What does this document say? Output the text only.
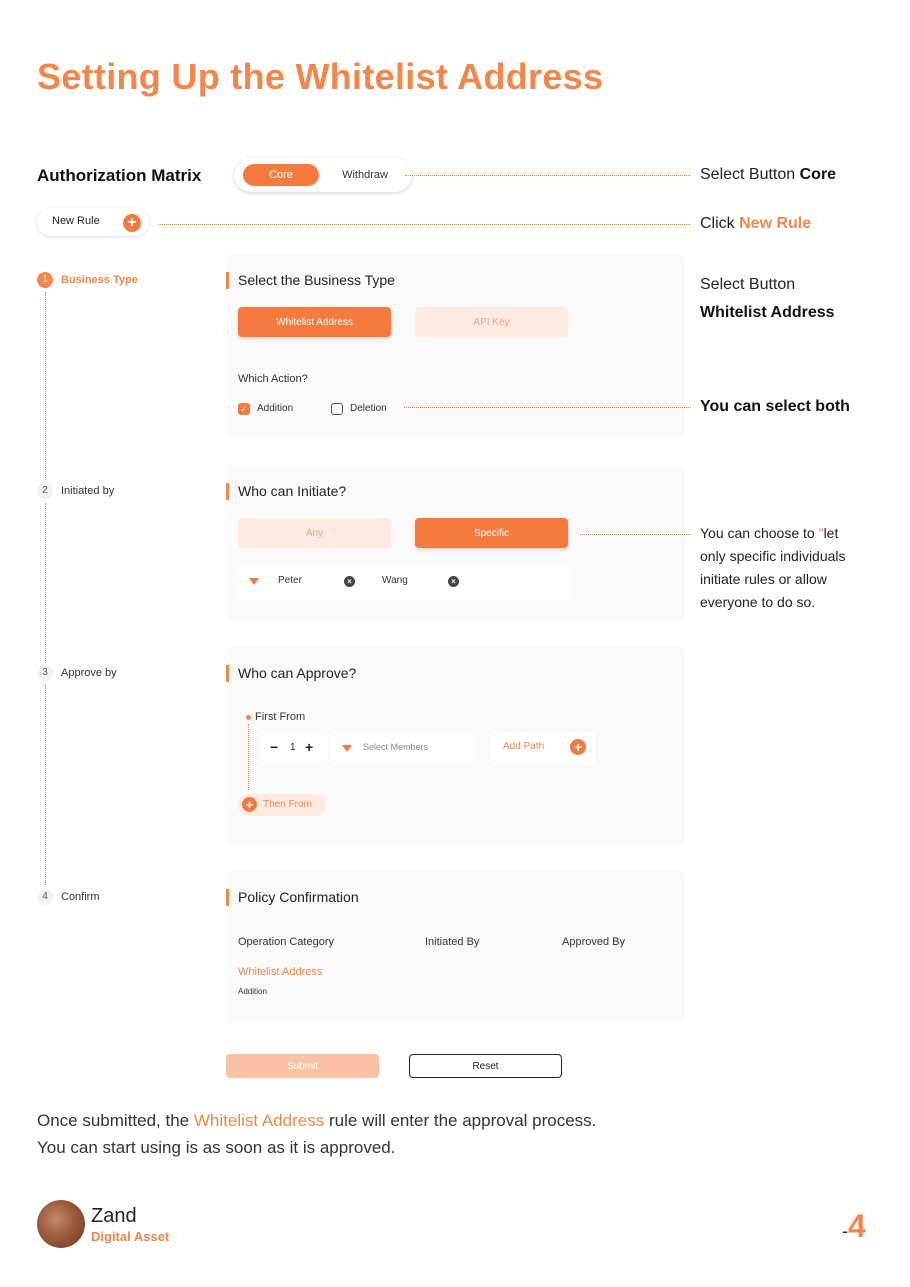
Setting Up the Whitelist Address
Authorization Matrix	Core	Withdraw	Select Button Core
New Rule +	Click New Rule
1	Business Type
2	Initiated by
3	Approve by
4	Confirm
Select the Business Type
Whitelist Address	API Key
Which Action?
✓ Addition	Deletion
Select Button
Whitelist Address
You can select both
Who can Initiate?
Any	Specific
Peter	×	Wang	×
You can choose to "let
only specific individuals
initiate rules or allow
everyone to do so.
Who can Approve?
First From
− 1 +	Select Members	Add Path +
+ Then From
Policy Confirmation
Operation Category	Initiated By	Approved By
Whitelist Address
Addition
Submit	Reset
Once submitted, the Whitelist Address rule will enter the approval process.
You can start using is as soon as it is approved.
Zand
Digital Asset	-4
